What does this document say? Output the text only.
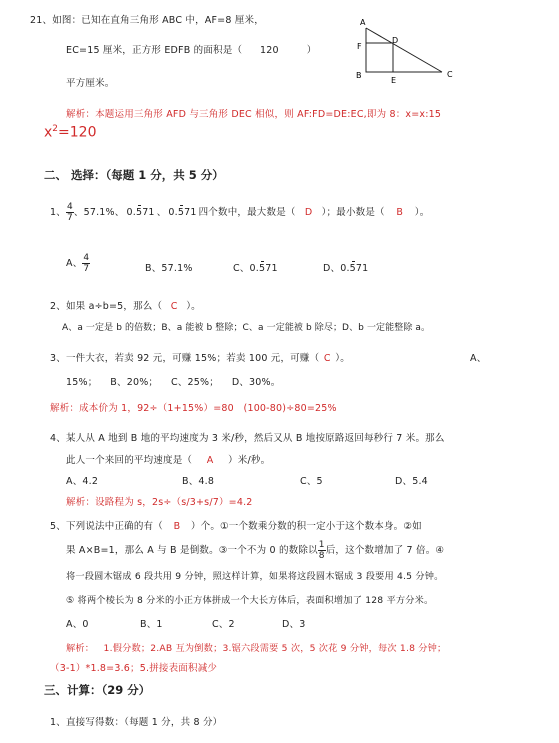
21、如图：已知在直角三角形 ABC 中，AF=8 厘米，
EC=15 厘米，正方形 EDFB 的面积是（ 120	）
平方厘米。
A
D
F
B
E
C
解析：本题运用三角形 AFD 与三角形 DEC 相似，则 AF:FD=DE:EC,即为 8：x=x:15
$x^2=120$
二、 选择：（每题 1 分，共 5 分）
1、 $\frac{4}{7}$ 、57.1%、 0.571 、 0.571 四个数中，最大数是（ D ）；最小数是（ B ）。
A、 $\frac{4}{7}$	B、57.1%	C、0.571	D、0.571
2、如果 a÷b=5，那么（ C ）。
A、a 一定是 b 的倍数；B、a 能被 b 整除；C、a 一定能被 b 除尽；D、b 一定能整除 a。
3、一件大衣，若卖 92 元，可赚 15%；若卖 100 元，可赚（ C ）。	A、
15%；    B、20%；    C、25%；    D、30%。
解析：成本价为 1，92÷（1+15%）=80   (100-80)÷80=25%
4、某人从 A 地到 B 地的平均速度为 3 米/秒，然后又从 B 地按原路返回每秒行 7 米。那么
此人一个来回的平均速度是（ A ）米/秒。
A、4.2	B、4.8	C、5	D、5.4
解析：设路程为 s，2s÷（s/3+s/7）=4.2
5、下列说法中正确的有（ B ）个。①一个数乘分数的积一定小于这个数本身。②如
果 A×B=1，那么 A 与 B 是倒数。③一个不为 0 的数除以 $\frac{1}{8}$ 后，这个数增加了 7 倍。④
将一段圆木锯成 6 段共用 9 分钟，照这样计算，如果将这段圆木锯成 3 段要用 4.5 分钟。
⑤ 将两个棱长为 8 分米的小正方体拼成一个大长方体后，表面积增加了 128 平方分米。
A、0	B、1	C、2	D、3
解析：   1.假分数；2.AB 互为倒数；3.锯六段需要 5 次，5 次花 9 分钟，每次 1.8 分钟；
（3-1）*1.8=3.6；5.拼接表面积减少
三、计算：（29 分）
1、直接写得数：（每题 1 分，共 8 分）
